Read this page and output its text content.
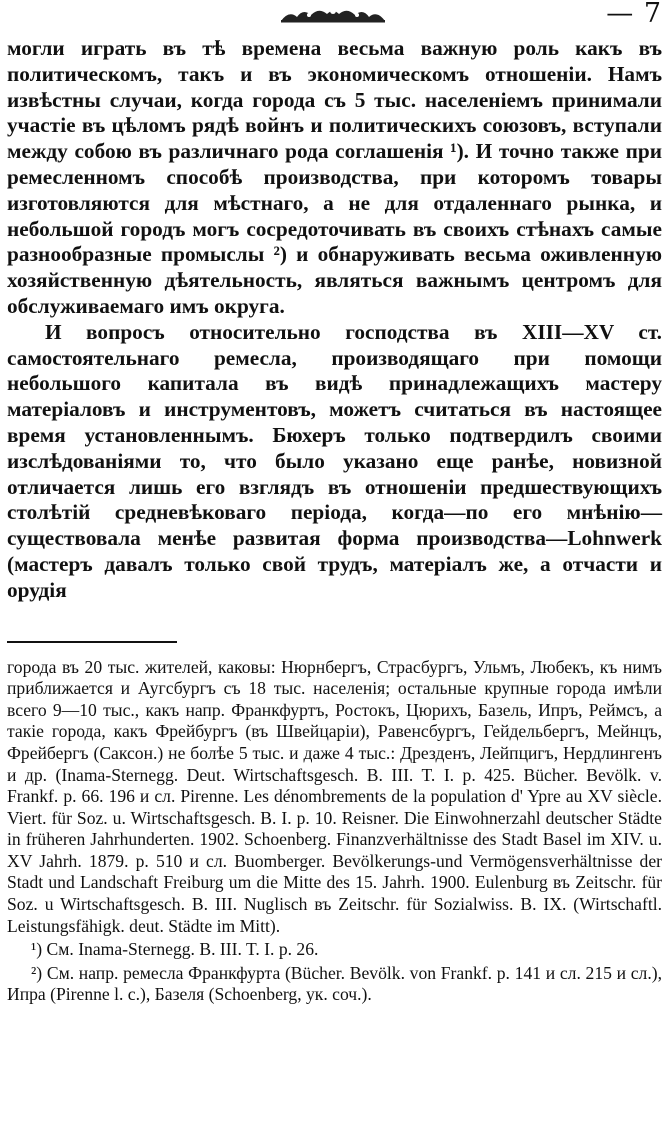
— 7

могли играть въ тѣ времена весьма важную роль какъ въ политическомъ, такъ и въ экономическомъ отношенiи. Намъ извѣстны случаи, когда города съ 5 тыс. населенiемъ принимали участiе въ цѣломъ рядѣ войнъ и политическихъ союзовъ, вступали между собою въ различнаго рода соглашенiя ¹). И точно также при ремесленномъ способѣ производства, при которомъ товары изготовляются для мѣстнаго, а не для отдаленнаго рынка, и небольшой городъ могъ сосредоточивать въ своихъ стѣнахъ самые разнообразные промыслы ²) и обнаруживать весьма оживленную хозяйственную дѣятельность, являться важнымъ центромъ для обслуживаемаго имъ округа.

И вопросъ относительно господства въ XIII—XV ст. самостоятельнаго ремесла, производящаго при помощи небольшого капитала въ видѣ принадлежащихъ мастеру матерiаловъ и инструментовъ, можетъ считаться въ настоящее время установленнымъ. Бюхеръ только подтвердилъ своими изслѣдованiями то, что было указано еще ранѣе, новизной отличается лишь его взглядъ въ отношенiи предшествующихъ столѣтiй средневѣковаго перiода, когда—по его мнѣнiю—существовала менѣе развитая форма производства—Lohnwerk (мастеръ давалъ только свой трудъ, матерiалъ же, а отчасти и орудiя

города въ 20 тыс. жителей, каковы: Нюрнбергъ, Страсбургъ, Ульмъ, Любекъ, къ нимъ приближается и Аугсбургъ съ 18 тыс. населенiя; остальные крупные города имѣли всего 9—10 тыс., какъ напр. Франкфуртъ, Ростокъ, Цюрихъ, Базель, Ипръ, Реймсъ, а такiе города, какъ Фрейбургъ (въ Швейцарiи), Равенсбургъ, Гейдельбергъ, Мейнцъ, Фрейбергъ (Саксон.) не болѣе 5 тыс. и даже 4 тыс.: Дрезденъ, Лейпцигъ, Нердлингенъ и др. (Inama-Sternegg. Deut. Wirtschaftsgesch. B. III. T. I. p. 425. Bücher. Bevölk. v. Frankf. p. 66. 196 и сл. Pirenne. Les dénombrements de la population d' Ypre au XV siècle. Viert. für Soz. u. Wirtschaftsgesch. B. I. p. 10. Reisner. Die Einwohnerzahl deutscher Städte in früheren Jahrhunderten. 1902. Schoenberg. Finanzverhältnisse des Stadt Basel im XIV. u. XV Jahrh. 1879. p. 510 и сл. Buomberger. Bevölkerungs-und Vermögensverhältnisse der Stadt und Landschaft Freiburg um die Mitte des 15. Jahrh. 1900. Eulenburg въ Zeitschr. für Soz. u Wirtschaftsgesch. B. III. Nuglisch въ Zeitschr. für Sozialwiss. B. IX. (Wirtschaftl. Leistungsfähigk. deut. Städte im Mitt).

¹) См. Inama-Sternegg. B. III. T. I. p. 26.

²) См. напр. ремесла Франкфурта (Bücher. Bevölk. von Frankf. p. 141 и сл. 215 и сл.), Ипра (Pirenne l. c.), Базеля (Schoenberg, ук. соч.).
